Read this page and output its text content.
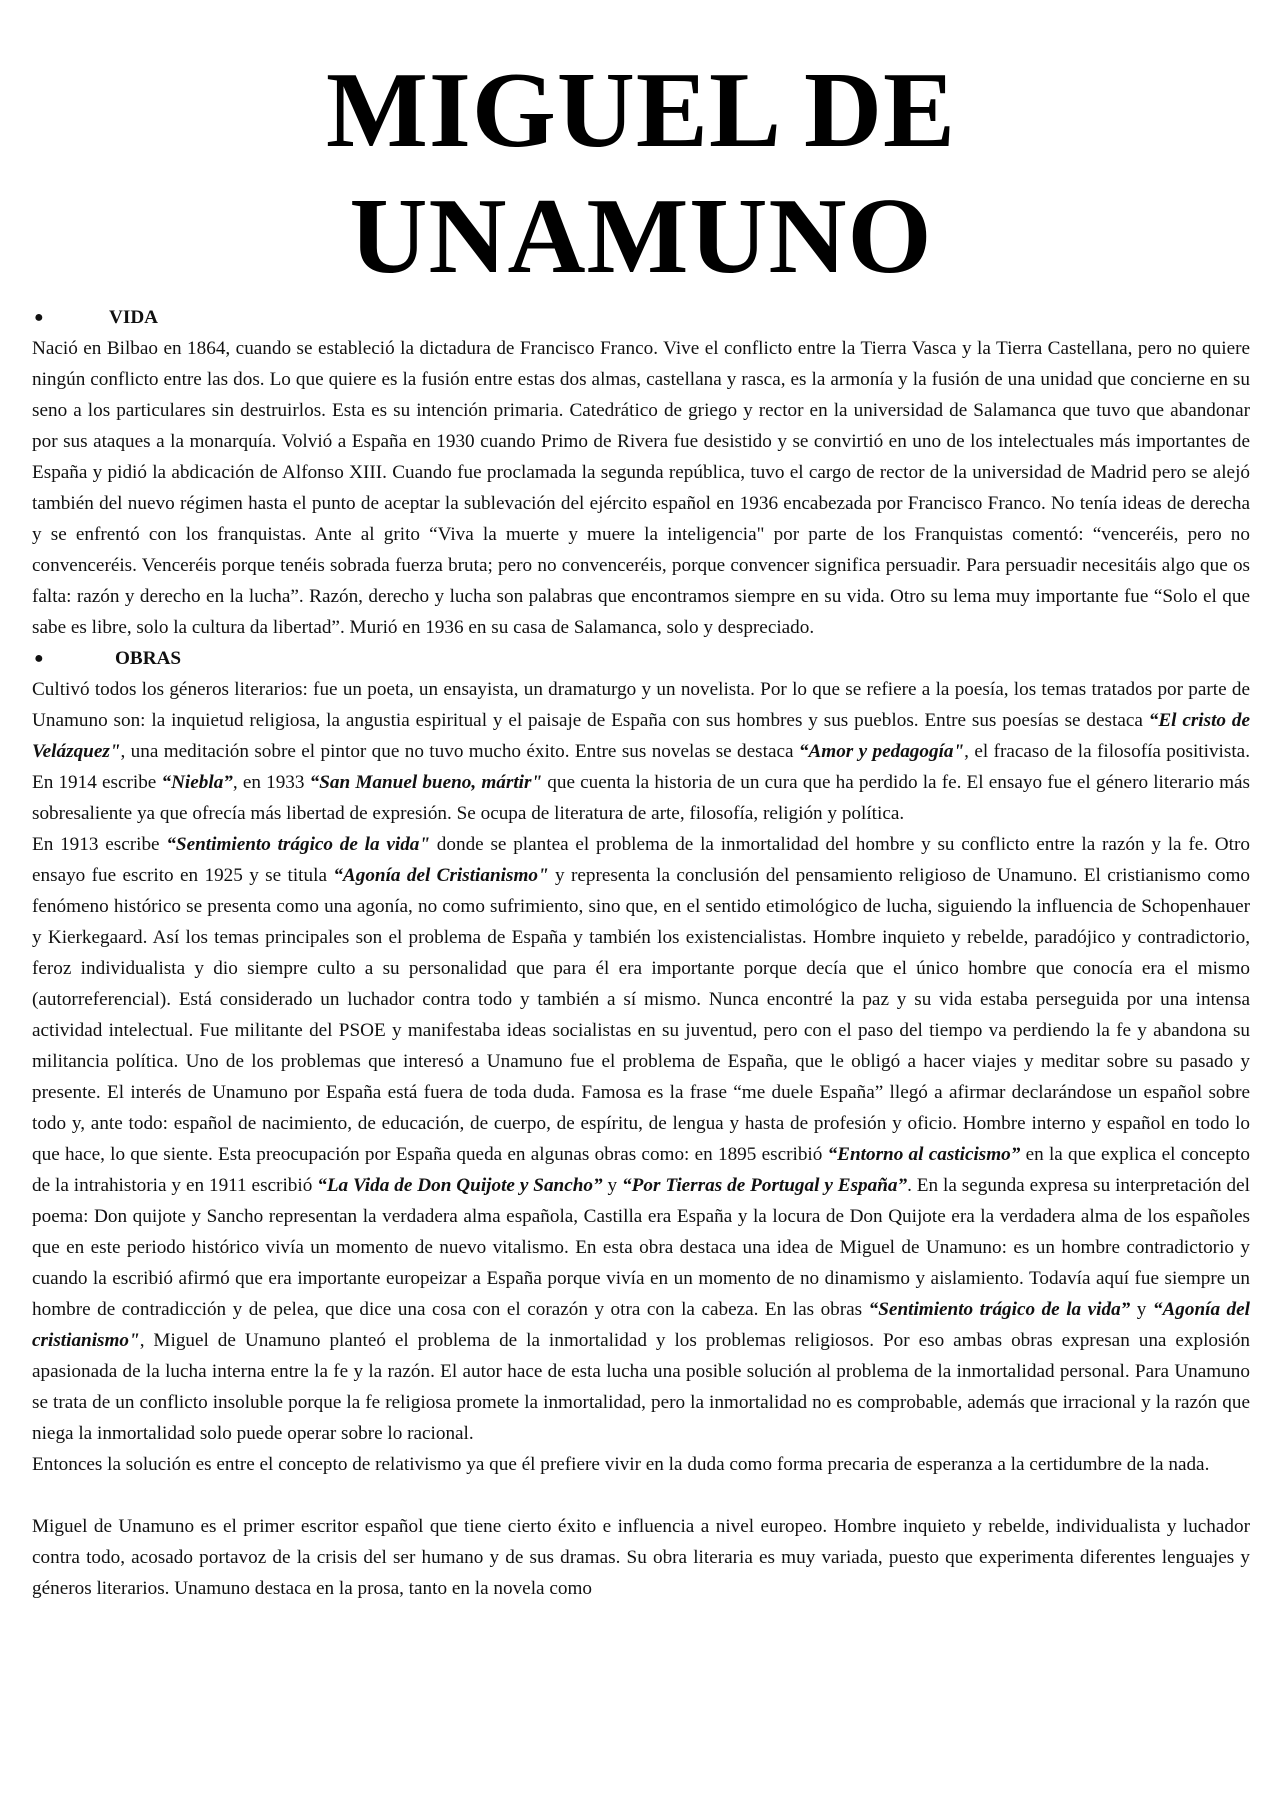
MIGUEL DE UNAMUNO
●	VIDA

Nació en Bilbao en 1864, cuando se estableció la dictadura de Francisco Franco. Vive el conflicto entre la Tierra Vasca y la Tierra Castellana, pero no quiere ningún conflicto entre las dos. Lo que quiere es la fusión entre estas dos almas, castellana y rasca, es la armonía y la fusión de una unidad que concierne en su seno a los particulares sin destruirlos. Esta es su intención primaria. Catedrático de griego y rector en la universidad de Salamanca que tuvo que abandonar por sus ataques a la monarquía. Volvió a España en 1930 cuando Primo de Rivera fue desistido y se convirtió en uno de los intelectuales más importantes de España y pidió la abdicación de Alfonso XIII. Cuando fue proclamada la segunda república, tuvo el cargo de rector de la universidad de Madrid pero se alejó también del nuevo régimen hasta el punto de aceptar la sublevación del ejército español en 1936 encabezada por Francisco Franco. No tenía ideas de derecha y se enfrentó con los franquistas. Ante al grito “Viva la muerte y muere la inteligencia" por parte de los Franquistas comentó: “venceréis, pero no convenceréis. Venceréis porque tenéis sobrada fuerza bruta; pero no convenceréis, porque convencer significa persuadir. Para persuadir necesitáis algo que os falta: razón y derecho en la lucha”. Razón, derecho y lucha son palabras que encontramos siempre en su vida. Otro su lema muy importante fue “Solo el que sabe es libre, solo la cultura da libertad”. Murió en 1936 en su casa de Salamanca, solo y despreciado.

●	OBRAS

Cultivó todos los géneros literarios: fue un poeta, un ensayista, un dramaturgo y un novelista. Por lo que se refiere a la poesía, los temas tratados por parte de Unamuno son: la inquietud religiosa, la angustia espiritual y el paisaje de España con sus hombres y sus pueblos. Entre sus poesías se destaca “El cristo de Velázquez", una meditación sobre el pintor que no tuvo mucho éxito. Entre sus novelas se destaca “Amor y pedagogía", el fracaso de la filosofía positivista. En 1914 escribe “Niebla”, en 1933 “San Manuel bueno, mártir" que cuenta la historia de un cura que ha perdido la fe. El ensayo fue el género literario más sobresaliente ya que ofrecía más libertad de expresión. Se ocupa de literatura de arte, filosofía, religión y política.

En 1913 escribe “Sentimiento trágico de la vida" donde se plantea el problema de la inmortalidad del hombre y su conflicto entre la razón y la fe. Otro ensayo fue escrito en 1925 y se titula “Agonía del Cristianismo" y representa la conclusión del pensamiento religioso de Unamuno. El cristianismo como fenómeno histórico se presenta como una agonía, no como sufrimiento, sino que, en el sentido etimológico de lucha, siguiendo la influencia de Schopenhauer y Kierkegaard. Así los temas principales son el problema de España y también los existencialistas. Hombre inquieto y rebelde, paradójico y contradictorio, feroz individualista y dio siempre culto a su personalidad que para él era importante porque decía que el único hombre que conocía era el mismo (autorreferencial). Está considerado un luchador contra todo y también a sí mismo. Nunca encontré la paz y su vida estaba perseguida por una intensa actividad intelectual. Fue militante del PSOE y manifestaba ideas socialistas en su juventud, pero con el paso del tiempo va perdiendo la fe y abandona su militancia política. Uno de los problemas que interesó a Unamuno fue el problema de España, que le obligó a hacer viajes y meditar sobre su pasado y presente. El interés de Unamuno por España está fuera de toda duda. Famosa es la frase “me duele España” llegó a afirmar declarándose un español sobre todo y, ante todo: español de nacimiento, de educación, de cuerpo, de espíritu, de lengua y hasta de profesión y oficio. Hombre interno y español en todo lo que hace, lo que siente. Esta preocupación por España queda en algunas obras como: en 1895 escribió “Entorno al casticismo” en la que explica el concepto de la intrahistoria y en 1911 escribió “La Vida de Don Quijote y Sancho” y “Por Tierras de Portugal y España”. En la segunda expresa su interpretación del poema: Don quijote y Sancho representan la verdadera alma española, Castilla era España y la locura de Don Quijote era la verdadera alma de los españoles que en este periodo histórico vivía un momento de nuevo vitalismo. En esta obra destaca una idea de Miguel de Unamuno: es un hombre contradictorio y cuando la escribió afirmó que era importante europeizar a España porque vivía en un momento de no dinamismo y aislamiento. Todavía aquí fue siempre un hombre de contradicción y de pelea, que dice una cosa con el corazón y otra con la cabeza. En las obras “Sentimiento trágico de la vida” y “Agonía del cristianismo", Miguel de Unamuno planteó el problema de la inmortalidad y los problemas religiosos. Por eso ambas obras expresan una explosión apasionada de la lucha interna entre la fe y la razón. El autor hace de esta lucha una posible solución al problema de la inmortalidad personal. Para Unamuno se trata de un conflicto insoluble porque la fe religiosa promete la inmortalidad, pero la inmortalidad no es comprobable, además que irracional y la razón que niega la inmortalidad solo puede operar sobre lo racional.

Entonces la solución es entre el concepto de relativismo ya que él prefiere vivir en la duda como forma precaria de esperanza a la certidumbre de la nada.

Miguel de Unamuno es el primer escritor español que tiene cierto éxito e influencia a nivel europeo. Hombre inquieto y rebelde, individualista y luchador contra todo, acosado portavoz de la crisis del ser humano y de sus dramas. Su obra literaria es muy variada, puesto que experimenta diferentes lenguajes y géneros literarios. Unamuno destaca en la prosa, tanto en la novela como
